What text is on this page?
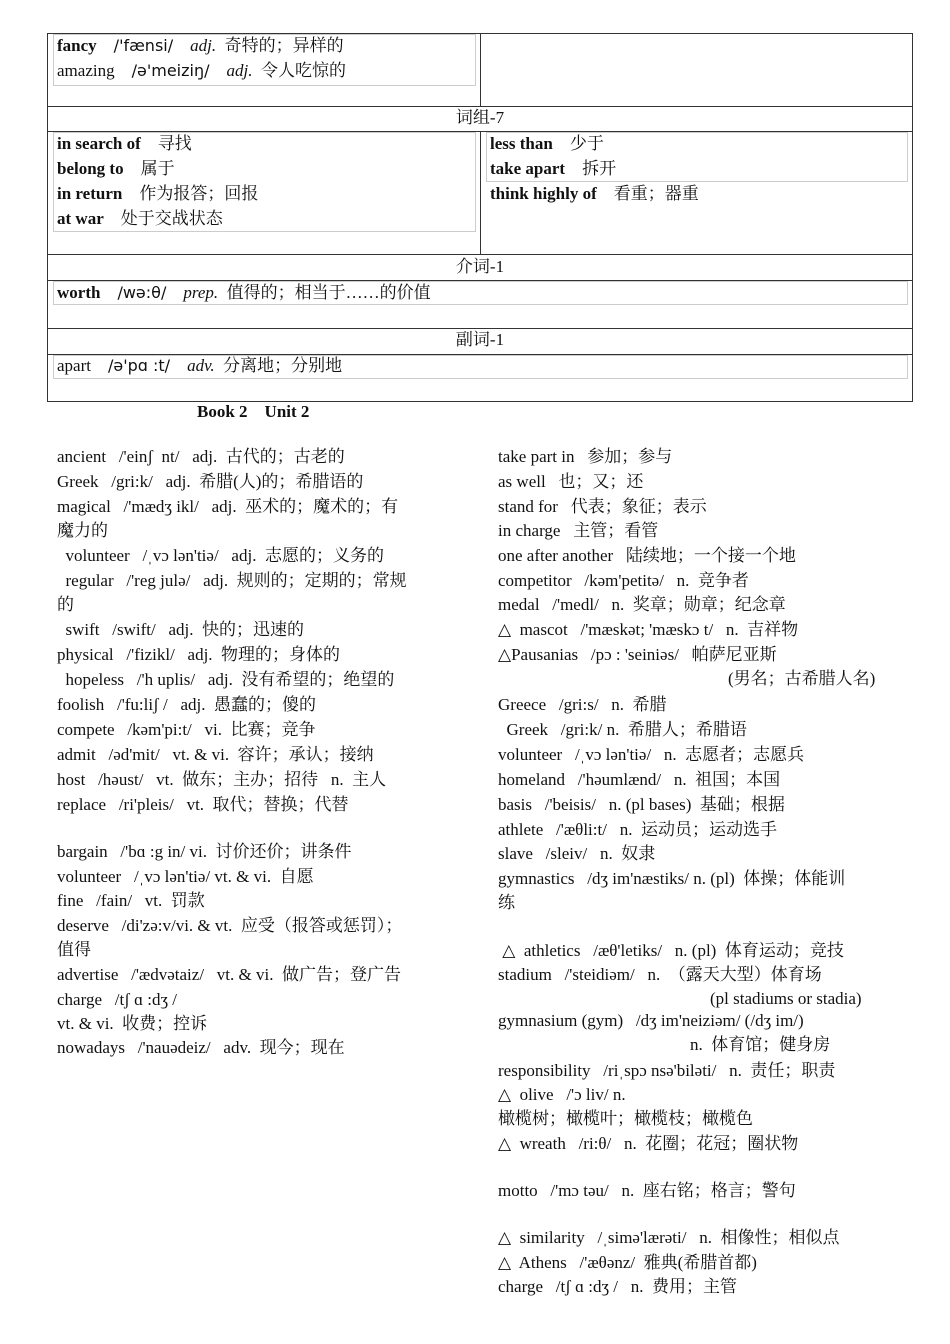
fancy /'fænsi/ adj. 奇特的；异样的
amazing /ə'meiziŋ/ adj. 令人吃惊的
词组-7
in search of 寻找
belong to 属于
in return 作为报答；回报
at war 处于交战状态
less than 少于
take apart 拆开
think highly of 看重；器重
介词-1
worth /wə:θ/ prep. 值得的；相当于……的价值
副词-1
apart /ə'pɑ :t/ adv. 分离地；分别地
Book 2    Unit 2
ancient   /'einʃ  nt/   adj.  古代的；古老的
Greek   /gri:k/   adj.  希腊(人)的；希腊语的
magical   /'mædʒ ikl/   adj.  巫术的；魔术的；有
魔力的
volunteer   /ˌvɔ lən'tiə/   adj.  志愿的；义务的
regular   /'reg julə/   adj.  规则的；定期的；常规
的
swift   /swift/   adj.  快的；迅速的
physical   /'fizikl/   adj.  物理的；身体的
hopeless   /'h uplis/   adj.  没有希望的；绝望的
foolish   /'fu:liʃ /   adj.  愚蠢的；傻的
compete   /kəm'pi:t/   vi.  比赛；竞争
admit   /əd'mit/   vt. & vi.  容许；承认；接纳
host   /həust/   vt.  做东；主办；招待   n.  主人
replace   /ri'pleis/   vt.  取代；替换；代替
bargain   /'bɑ :g in/ vi.  讨价还价；讲条件
volunteer   /ˌvɔ lən'tiə/ vt. & vi.  自愿
fine   /fain/   vt.  罚款
deserve   /di'zə:v/vi. & vt.  应受（报答或惩罚）；
值得
advertise   /'ædvətaiz/   vt. & vi.  做广告；登广告
charge   /tʃ ɑ :dʒ /
vt. & vi.  收费；控诉
nowadays   /'nauədeiz/   adv.  现今；现在
take part in   参加；参与
as well   也；又；还
stand for   代表；象征；表示
in charge   主管；看管
one after another   陆续地；一个接一个地
competitor   /kəm'petitə/   n.  竞争者
medal   /'medl/   n.  奖章；勋章；纪念章
△  mascot   /'mæskət; 'mæskɔ t/   n.  吉祥物
△Pausanias   /pɔ : 'seiniəs/   帕萨尼亚斯
(男名；古希腊人名)
Greece   /gri:s/   n.  希腊
Greek   /gri:k/ n.  希腊人；希腊语
volunteer   /ˌvɔ lən'tiə/   n.  志愿者；志愿兵
homeland   /'həumlænd/   n.  祖国；本国
basis   /'beisis/   n. (pl bases)  基础；根据
athlete   /'æθli:t/   n.  运动员；运动选手
slave   /sleiv/   n.  奴隶
gymnastics   /dʒ im'næstiks/ n. (pl)  体操；体能训
练
△  athletics   /æθ'letiks/   n. (pl)  体育运动；竞技
stadium   /'steidiəm/   n.  （露天大型）体育场
(pl stadiums or stadia)
gymnasium (gym)   /dʒ im'neiziəm/ (/dʒ im/)
n.  体育馆；健身房
responsibility   /riˌspɔ nsə'biləti/   n.  责任；职责
△  olive   /'ɔ liv/ n.
橄榄树；橄榄叶；橄榄枝；橄榄色
△  wreath   /ri:θ/   n.  花圈；花冠；圈状物
motto   /'mɔ təu/   n.  座右铭；格言；警句
△  similarity   /ˌsimə'lærəti/   n.  相像性；相似点
△  Athens   /'æθənz/  雅典(希腊首都)
charge   /tʃ ɑ :dʒ /   n.  费用；主管
